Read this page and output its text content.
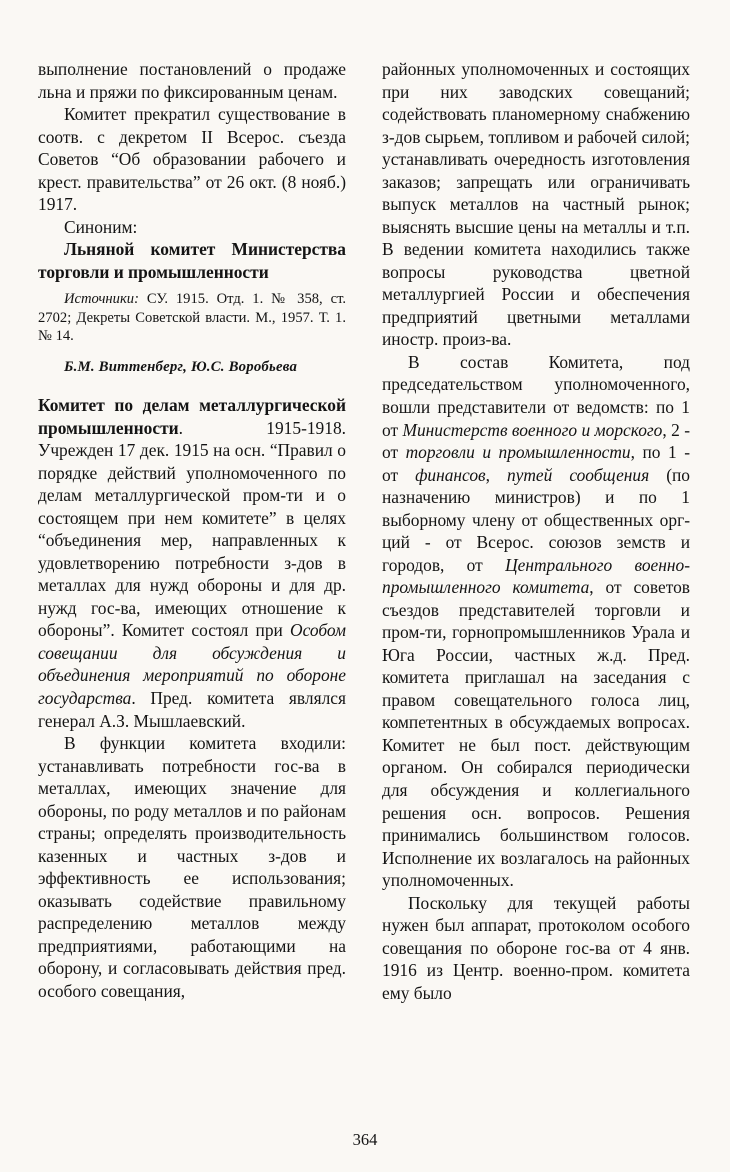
выполнение постановлений о продаже льна и пряжи по фиксированным ценам.

Комитет прекратил существование в соотв. с декретом II Всерос. съезда Советов “Об образовании рабочего и крест. правительства” от 26 окт. (8 нояб.) 1917.

Синоним:

Льняной комитет Министерства торговли и промышленности

Источники: СУ. 1915. Отд. 1. № 358, ст. 2702; Декреты Советской власти. М., 1957. Т. 1. № 14.

Б.М. Виттенберг, Ю.С. Воробьева

Комитет по делам металлургической промышленности. 1915-1918. Учрежден 17 дек. 1915 на осн. “Правил о порядке действий уполномоченного по делам металлургической пром-ти и о состоящем при нем комитете” в целях “объединения мер, направленных к удовлетворению потребности з-дов в металлах для нужд обороны и для др. нужд гос-ва, имеющих отношение к обороны”. Комитет состоял при Особом совещании для обсуждения и объединения мероприятий по обороне государства. Пред. комитета являлся генерал А.З. Мышлаевский.

В функции комитета входили: устанавливать потребности гос-ва в металлах, имеющих значение для обороны, по роду металлов и по районам страны; определять производительность казенных и частных з-дов и эффективность ее использования; оказывать содействие правильному распределению металлов между предприятиями, работающими на оборону, и согласовывать действия пред. особого совещания,

районных уполномоченных и состоящих при них заводских совещаний; содействовать планомерному снабжению з-дов сырьем, топливом и рабочей силой; устанавливать очередность изготовления заказов; запрещать или ограничивать выпуск металлов на частный рынок; выяснять высшие цены на металлы и т.п. В ведении комитета находились также вопросы руководства цветной металлургией России и обеспечения предприятий цветными металлами иностр. произ-ва.

В состав Комитета, под председательством уполномоченного, вошли представители от ведомств: по 1 от Министерств военного и морского, 2 - от торговли и промышленности, по 1 - от финансов, путей сообщения (по назначению министров) и по 1 выборному члену от общественных орг-ций - от Всерос. союзов земств и городов, от Центрального военно-промышленного комитета, от советов съездов представителей торговли и пром-ти, горнопромышленников Урала и Юга России, частных ж.д. Пред. комитета приглашал на заседания с правом совещательного голоса лиц, компетентных в обсуждаемых вопросах. Комитет не был пост. действующим органом. Он собирался периодически для обсуждения и коллегиального решения осн. вопросов. Решения принимались большинством голосов. Исполнение их возлагалось на районных уполномоченных.

Поскольку для текущей работы нужен был аппарат, протоколом особого совещания по обороне гос-ва от 4 янв. 1916 из Центр. военно-пром. комитета ему было

364
